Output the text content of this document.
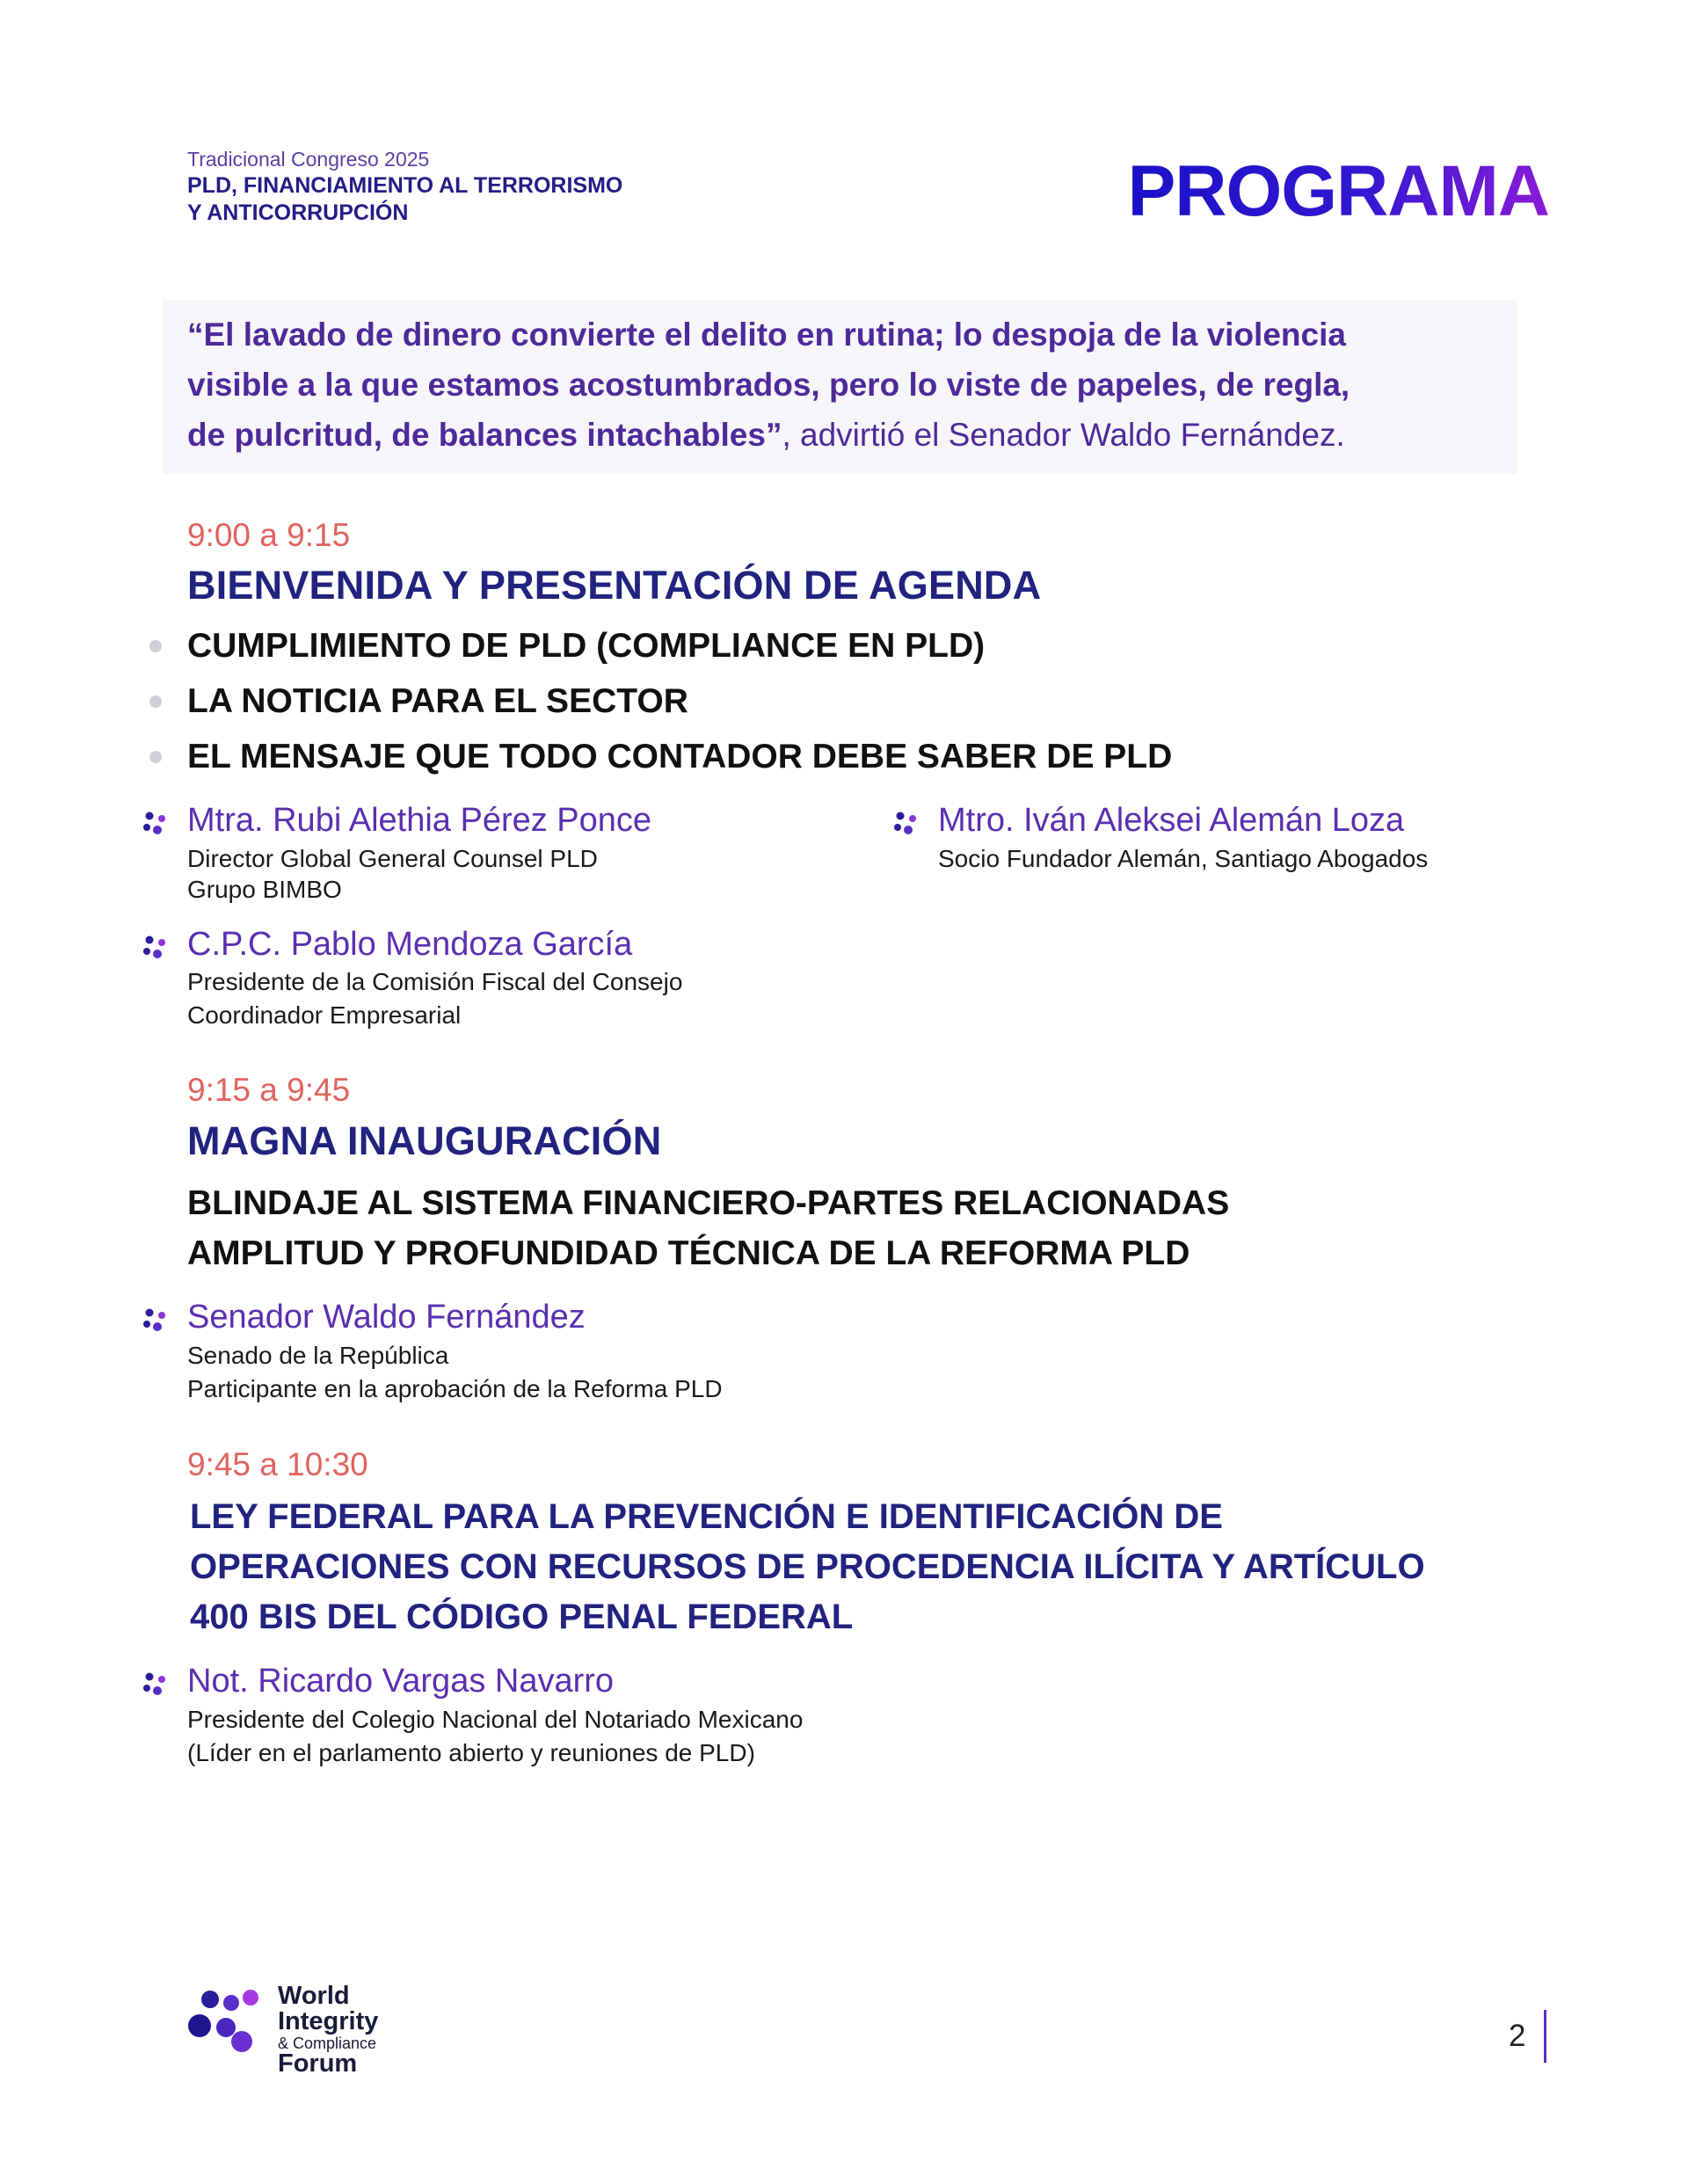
Tradicional Congreso 2025
PLD, FINANCIAMIENTO AL TERRORISMO
Y ANTICORRUPCIÓN	PROGRAMA
“El lavado de dinero convierte el delito en rutina; lo despoja de la violencia
visible a la que estamos acostumbrados, pero lo viste de papeles, de regla,
de pulcritud, de balances intachables”, advirtió el Senador Waldo Fernández.
9:00 a 9:15
BIENVENIDA Y PRESENTACIÓN DE AGENDA
CUMPLIMIENTO DE PLD (COMPLIANCE EN PLD)
LA NOTICIA PARA EL SECTOR
EL MENSAJE QUE TODO CONTADOR DEBE SABER DE PLD
Mtra. Rubi Alethia Pérez Ponce
Director Global General Counsel PLD
Grupo BIMBO
Mtro. Iván Aleksei Alemán Loza
Socio Fundador Alemán, Santiago Abogados
C.P.C. Pablo Mendoza García
Presidente de la Comisión Fiscal del Consejo
Coordinador Empresarial
9:15 a 9:45
MAGNA INAUGURACIÓN
BLINDAJE AL SISTEMA FINANCIERO-PARTES RELACIONADAS
AMPLITUD Y PROFUNDIDAD TÉCNICA DE LA REFORMA PLD
Senador Waldo Fernández
Senado de la República
Participante en la aprobación de la Reforma PLD
9:45 a 10:30
LEY FEDERAL PARA LA PREVENCIÓN E IDENTIFICACIÓN DE
OPERACIONES CON RECURSOS DE PROCEDENCIA ILÍCITA Y ARTÍCULO
400 BIS DEL CÓDIGO PENAL FEDERAL
Not. Ricardo Vargas Navarro
Presidente del Colegio Nacional del Notariado Mexicano
(Líder en el parlamento abierto y reuniones de PLD)
World
Integrity
& Compliance
Forum
2
